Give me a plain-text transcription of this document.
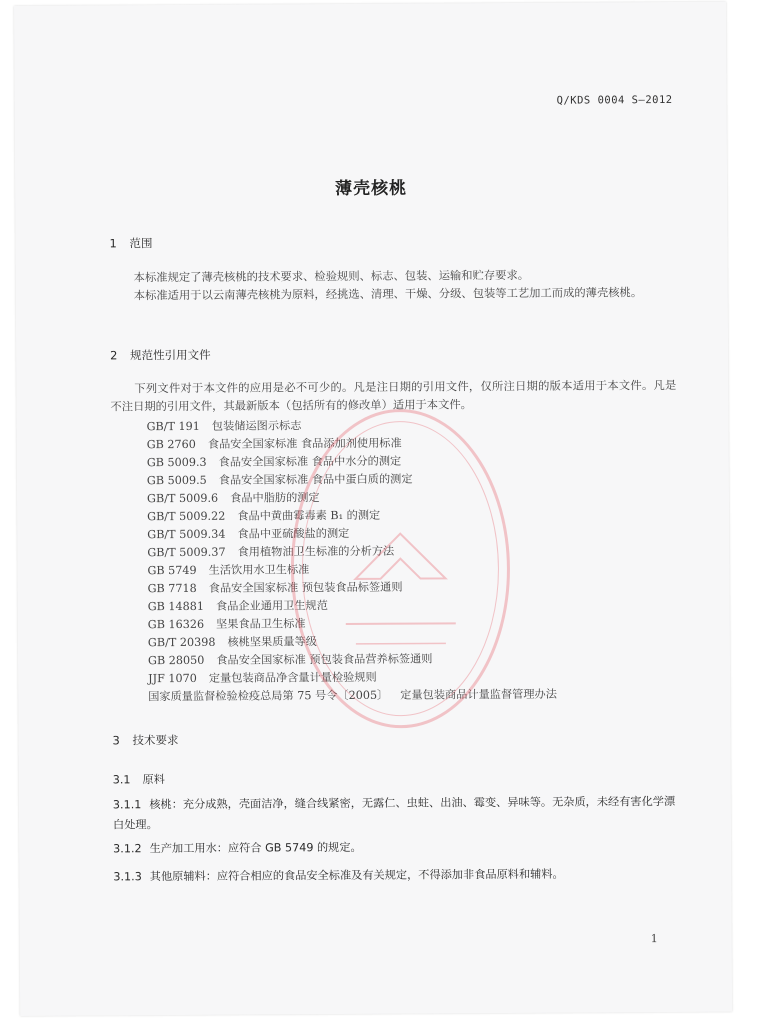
Q/KDS 0004 S—2012
薄壳核桃
1 范围
本标准规定了薄壳核桃的技术要求、检验规则、标志、包装、运输和贮存要求。
本标准适用于以云南薄壳核桃为原料，经挑选、清理、干燥、分级、包装等工艺加工而成的薄壳核桃。
2 规范性引用文件
下列文件对于本文件的应用是必不可少的。凡是注日期的引用文件，仅所注日期的版本适用于本文件。凡是不注日期的引用文件，其最新版本（包括所有的修改单）适用于本文件。
GB/T 191 包装储运图示标志
GB 2760 食品安全国家标准 食品添加剂使用标准
GB 5009.3 食品安全国家标准 食品中水分的测定
GB 5009.5 食品安全国家标准 食品中蛋白质的测定
GB/T 5009.6 食品中脂肪的测定
GB/T 5009.22 食品中黄曲霉毒素 B₁ 的测定
GB/T 5009.34 食品中亚硫酸盐的测定
GB/T 5009.37 食用植物油卫生标准的分析方法
GB 5749 生活饮用水卫生标准
GB 7718 食品安全国家标准 预包装食品标签通则
GB 14881 食品企业通用卫生规范
GB 16326 坚果食品卫生标准
GB/T 20398 核桃坚果质量等级
GB 28050 食品安全国家标准 预包装食品营养标签通则
JJF 1070 定量包装商品净含量计量检验规则
国家质量监督检验检疫总局第 75 号令〔2005〕 定量包装商品计量监督管理办法
3 技术要求
3.1 原料
3.1.1 核桃：充分成熟，壳面洁净，缝合线紧密，无露仁、虫蛀、出油、霉变、异味等。无杂质，未经有害化学漂白处理。
3.1.2 生产加工用水：应符合 GB 5749 的规定。
3.1.3 其他原辅料：应符合相应的食品安全标准及有关规定，不得添加非食品原料和辅料。
1
